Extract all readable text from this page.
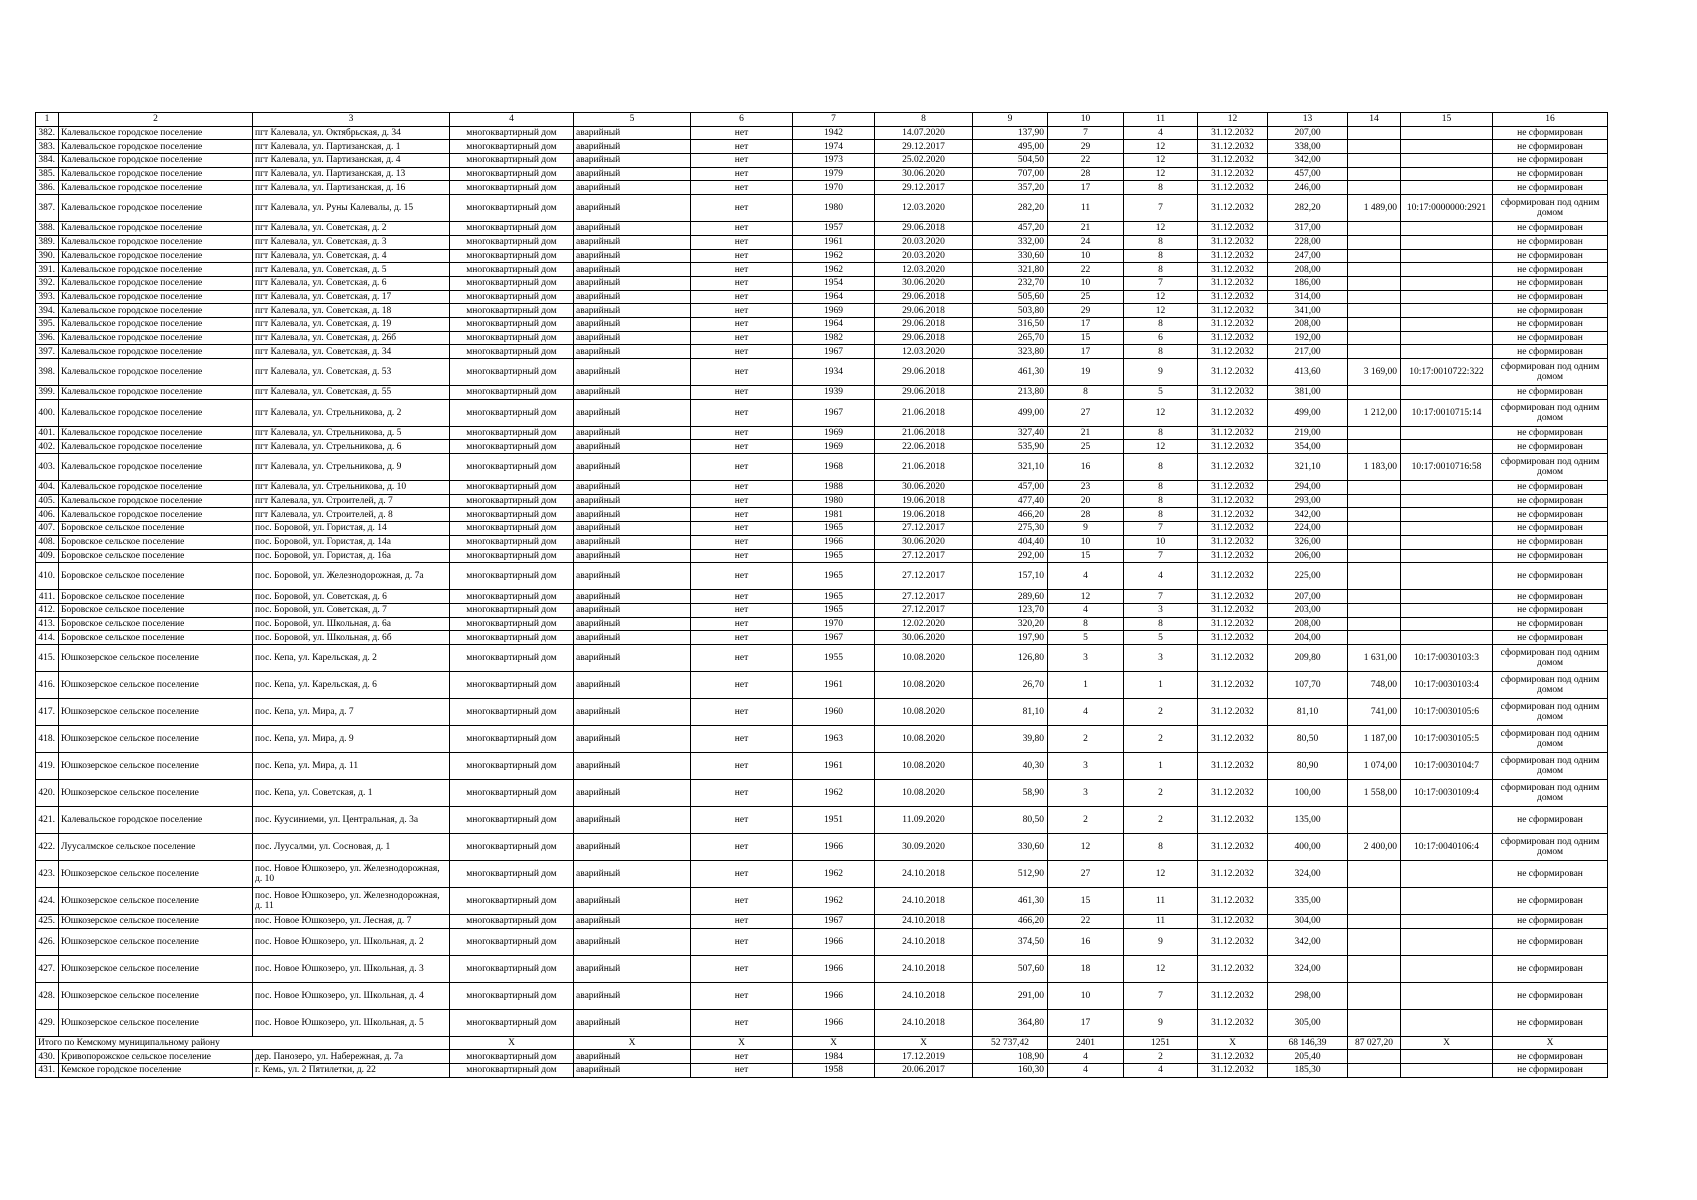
1	2	3	4	5	6	7	8	9	10	11	12	13	14	15	16
382.	Калевальское городское поселение	пгт Калевала, ул. Октябрьская, д. 34	многоквартирный дом	аварийный	нет	1942	14.07.2020	137,90	7	4	31.12.2032	207,00			не сформирован
383.	Калевальское городское поселение	пгт Калевала, ул. Партизанская, д. 1	многоквартирный дом	аварийный	нет	1974	29.12.2017	495,00	29	12	31.12.2032	338,00			не сформирован
384.	Калевальское городское поселение	пгт Калевала, ул. Партизанская, д. 4	многоквартирный дом	аварийный	нет	1973	25.02.2020	504,50	22	12	31.12.2032	342,00			не сформирован
385.	Калевальское городское поселение	пгт Калевала, ул. Партизанская, д. 13	многоквартирный дом	аварийный	нет	1979	30.06.2020	707,00	28	12	31.12.2032	457,00			не сформирован
386.	Калевальское городское поселение	пгт Калевала, ул. Партизанская, д. 16	многоквартирный дом	аварийный	нет	1970	29.12.2017	357,20	17	8	31.12.2032	246,00			не сформирован
387.	Калевальское городское поселение	пгт Калевала, ул. Руны Калевалы, д. 15	многоквартирный дом	аварийный	нет	1980	12.03.2020	282,20	11	7	31.12.2032	282,20	1 489,00	10:17:0000000:2921	сформирован под одним домом
388.	Калевальское городское поселение	пгт Калевала, ул. Советская, д. 2	многоквартирный дом	аварийный	нет	1957	29.06.2018	457,20	21	12	31.12.2032	317,00			не сформирован
389.	Калевальское городское поселение	пгт Калевала, ул. Советская, д. 3	многоквартирный дом	аварийный	нет	1961	20.03.2020	332,00	24	8	31.12.2032	228,00			не сформирован
390.	Калевальское городское поселение	пгт Калевала, ул. Советская, д. 4	многоквартирный дом	аварийный	нет	1962	20.03.2020	330,60	10	8	31.12.2032	247,00			не сформирован
391.	Калевальское городское поселение	пгт Калевала, ул. Советская, д. 5	многоквартирный дом	аварийный	нет	1962	12.03.2020	321,80	22	8	31.12.2032	208,00			не сформирован
392.	Калевальское городское поселение	пгт Калевала, ул. Советская, д. 6	многоквартирный дом	аварийный	нет	1954	30.06.2020	232,70	10	7	31.12.2032	186,00			не сформирован
393.	Калевальское городское поселение	пгт Калевала, ул. Советская, д. 17	многоквартирный дом	аварийный	нет	1964	29.06.2018	505,60	25	12	31.12.2032	314,00			не сформирован
394.	Калевальское городское поселение	пгт Калевала, ул. Советская, д. 18	многоквартирный дом	аварийный	нет	1969	29.06.2018	503,80	29	12	31.12.2032	341,00			не сформирован
395.	Калевальское городское поселение	пгт Калевала, ул. Советская, д. 19	многоквартирный дом	аварийный	нет	1964	29.06.2018	316,50	17	8	31.12.2032	208,00			не сформирован
396.	Калевальское городское поселение	пгт Калевала, ул. Советская, д. 26б	многоквартирный дом	аварийный	нет	1982	29.06.2018	265,70	15	6	31.12.2032	192,00			не сформирован
397.	Калевальское городское поселение	пгт Калевала, ул. Советская, д. 34	многоквартирный дом	аварийный	нет	1967	12.03.2020	323,80	17	8	31.12.2032	217,00			не сформирован
398.	Калевальское городское поселение	пгт Калевала, ул. Советская, д. 53	многоквартирный дом	аварийный	нет	1934	29.06.2018	461,30	19	9	31.12.2032	413,60	3 169,00	10:17:0010722:322	сформирован под одним домом
399.	Калевальское городское поселение	пгт Калевала, ул. Советская, д. 55	многоквартирный дом	аварийный	нет	1939	29.06.2018	213,80	8	5	31.12.2032	381,00			не сформирован
400.	Калевальское городское поселение	пгт Калевала, ул. Стрельникова, д. 2	многоквартирный дом	аварийный	нет	1967	21.06.2018	499,00	27	12	31.12.2032	499,00	1 212,00	10:17:0010715:14	сформирован под одним домом
401.	Калевальское городское поселение	пгт Калевала, ул. Стрельникова, д. 5	многоквартирный дом	аварийный	нет	1969	21.06.2018	327,40	21	8	31.12.2032	219,00			не сформирован
402.	Калевальское городское поселение	пгт Калевала, ул. Стрельникова, д. 6	многоквартирный дом	аварийный	нет	1969	22.06.2018	535,90	25	12	31.12.2032	354,00			не сформирован
403.	Калевальское городское поселение	пгт Калевала, ул. Стрельникова, д. 9	многоквартирный дом	аварийный	нет	1968	21.06.2018	321,10	16	8	31.12.2032	321,10	1 183,00	10:17:0010716:58	сформирован под одним домом
404.	Калевальское городское поселение	пгт Калевала, ул. Стрельникова, д. 10	многоквартирный дом	аварийный	нет	1988	30.06.2020	457,00	23	8	31.12.2032	294,00			не сформирован
405.	Калевальское городское поселение	пгт Калевала, ул. Строителей, д. 7	многоквартирный дом	аварийный	нет	1980	19.06.2018	477,40	20	8	31.12.2032	293,00			не сформирован
406.	Калевальское городское поселение	пгт Калевала, ул. Строителей, д. 8	многоквартирный дом	аварийный	нет	1981	19.06.2018	466,20	28	8	31.12.2032	342,00			не сформирован
407.	Боровское сельское поселение	пос. Боровой, ул. Гористая, д. 14	многоквартирный дом	аварийный	нет	1965	27.12.2017	275,30	9	7	31.12.2032	224,00			не сформирован
408.	Боровское сельское поселение	пос. Боровой, ул. Гористая, д. 14а	многоквартирный дом	аварийный	нет	1966	30.06.2020	404,40	10	10	31.12.2032	326,00			не сформирован
409.	Боровское сельское поселение	пос. Боровой, ул. Гористая, д. 16а	многоквартирный дом	аварийный	нет	1965	27.12.2017	292,00	15	7	31.12.2032	206,00			не сформирован
410.	Боровское сельское поселение	пос. Боровой, ул. Железнодорожная, д. 7а	многоквартирный дом	аварийный	нет	1965	27.12.2017	157,10	4	4	31.12.2032	225,00			не сформирован
411.	Боровское сельское поселение	пос. Боровой, ул. Советская, д. 6	многоквартирный дом	аварийный	нет	1965	27.12.2017	289,60	12	7	31.12.2032	207,00			не сформирован
412.	Боровское сельское поселение	пос. Боровой, ул. Советская, д. 7	многоквартирный дом	аварийный	нет	1965	27.12.2017	123,70	4	3	31.12.2032	203,00			не сформирован
413.	Боровское сельское поселение	пос. Боровой, ул. Школьная, д. 6а	многоквартирный дом	аварийный	нет	1970	12.02.2020	320,20	8	8	31.12.2032	208,00			не сформирован
414.	Боровское сельское поселение	пос. Боровой, ул. Школьная, д. 6б	многоквартирный дом	аварийный	нет	1967	30.06.2020	197,90	5	5	31.12.2032	204,00			не сформирован
415.	Юшкозерское сельское поселение	пос. Кепа, ул. Карельская, д. 2	многоквартирный дом	аварийный	нет	1955	10.08.2020	126,80	3	3	31.12.2032	209,80	1 631,00	10:17:0030103:3	сформирован под одним домом
416.	Юшкозерское сельское поселение	пос. Кепа, ул. Карельская, д. 6	многоквартирный дом	аварийный	нет	1961	10.08.2020	26,70	1	1	31.12.2032	107,70	748,00	10:17:0030103:4	сформирован под одним домом
417.	Юшкозерское сельское поселение	пос. Кепа, ул. Мира, д. 7	многоквартирный дом	аварийный	нет	1960	10.08.2020	81,10	4	2	31.12.2032	81,10	741,00	10:17:0030105:6	сформирован под одним домом
418.	Юшкозерское сельское поселение	пос. Кепа, ул. Мира, д. 9	многоквартирный дом	аварийный	нет	1963	10.08.2020	39,80	2	2	31.12.2032	80,50	1 187,00	10:17:0030105:5	сформирован под одним домом
419.	Юшкозерское сельское поселение	пос. Кепа, ул. Мира, д. 11	многоквартирный дом	аварийный	нет	1961	10.08.2020	40,30	3	1	31.12.2032	80,90	1 074,00	10:17:0030104:7	сформирован под одним домом
420.	Юшкозерское сельское поселение	пос. Кепа, ул. Советская, д. 1	многоквартирный дом	аварийный	нет	1962	10.08.2020	58,90	3	2	31.12.2032	100,00	1 558,00	10:17:0030109:4	сформирован под одним домом
421.	Калевальское городское поселение	пос. Куусиниеми, ул. Центральная, д. 3а	многоквартирный дом	аварийный	нет	1951	11.09.2020	80,50	2	2	31.12.2032	135,00			не сформирован
422.	Луусалмское сельское поселение	пос. Луусалми, ул. Сосновая, д. 1	многоквартирный дом	аварийный	нет	1966	30.09.2020	330,60	12	8	31.12.2032	400,00	2 400,00	10:17:0040106:4	сформирован под одним домом
423.	Юшкозерское сельское поселение	пос. Новое Юшкозеро, ул. Железнодорожная, д. 10	многоквартирный дом	аварийный	нет	1962	24.10.2018	512,90	27	12	31.12.2032	324,00			не сформирован
424.	Юшкозерское сельское поселение	пос. Новое Юшкозеро, ул. Железнодорожная, д. 11	многоквартирный дом	аварийный	нет	1962	24.10.2018	461,30	15	11	31.12.2032	335,00			не сформирован
425.	Юшкозерское сельское поселение	пос. Новое Юшкозеро, ул. Лесная, д. 7	многоквартирный дом	аварийный	нет	1967	24.10.2018	466,20	22	11	31.12.2032	304,00			не сформирован
426.	Юшкозерское сельское поселение	пос. Новое Юшкозеро, ул. Школьная, д. 2	многоквартирный дом	аварийный	нет	1966	24.10.2018	374,50	16	9	31.12.2032	342,00			не сформирован
427.	Юшкозерское сельское поселение	пос. Новое Юшкозеро, ул. Школьная, д. 3	многоквартирный дом	аварийный	нет	1966	24.10.2018	507,60	18	12	31.12.2032	324,00			не сформирован
428.	Юшкозерское сельское поселение	пос. Новое Юшкозеро, ул. Школьная, д. 4	многоквартирный дом	аварийный	нет	1966	24.10.2018	291,00	10	7	31.12.2032	298,00			не сформирован
429.	Юшкозерское сельское поселение	пос. Новое Юшкозеро, ул. Школьная, д. 5	многоквартирный дом	аварийный	нет	1966	24.10.2018	364,80	17	9	31.12.2032	305,00			не сформирован
Итого по Кемскому муниципальному району			X	X	X	X	X	52 737,42	2401	1251	X	68 146,39	87 027,20	X	X
430.	Кривопорожское сельское поселение	дер. Панозеро, ул. Набережная, д. 7а	многоквартирный дом	аварийный	нет	1984	17.12.2019	108,90	4	2	31.12.2032	205,40			не сформирован
431.	Кемское городское поселение	г. Кемь, ул. 2 Пятилетки, д. 22	многоквартирный дом	аварийный	нет	1958	20.06.2017	160,30	4	4	31.12.2032	185,30			не сформирован
